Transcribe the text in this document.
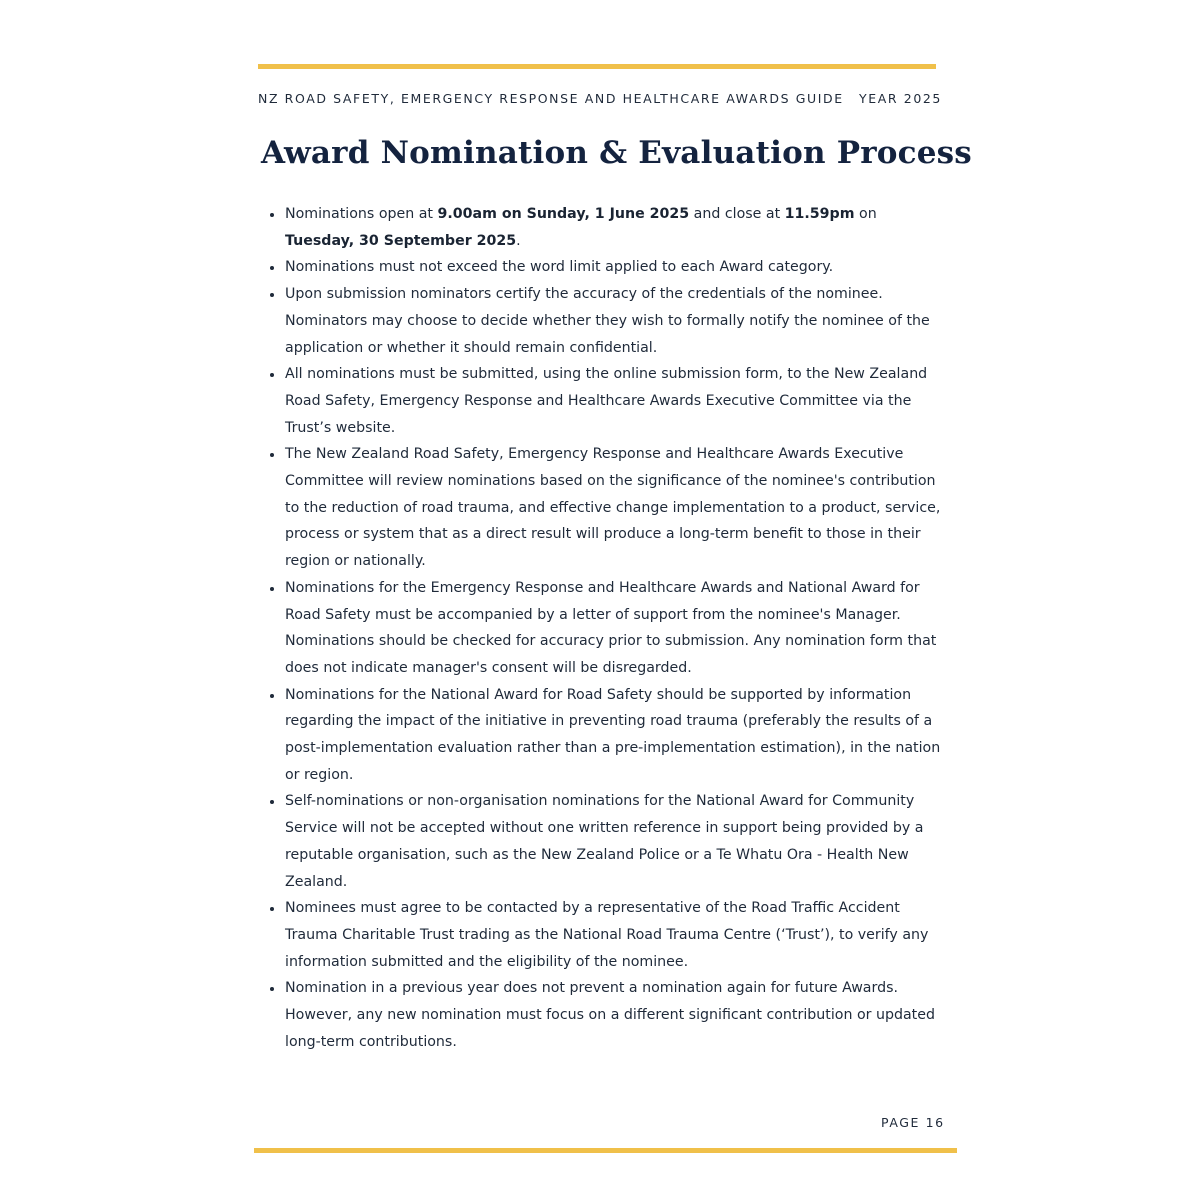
NZ ROAD SAFETY, EMERGENCY RESPONSE AND HEALTHCARE AWARDS GUIDE YEAR 2025
Award Nomination & Evaluation Process
Nominations open at 9.00am on Sunday, 1 June 2025 and close at 11.59pm on Tuesday, 30 September 2025.
Nominations must not exceed the word limit applied to each Award category.
Upon submission nominators certify the accuracy of the credentials of the nominee. Nominators may choose to decide whether they wish to formally notify the nominee of the application or whether it should remain confidential.
All nominations must be submitted, using the online submission form, to the New Zealand Road Safety, Emergency Response and Healthcare Awards Executive Committee via the Trust’s website.
The New Zealand Road Safety, Emergency Response and Healthcare Awards Executive Committee will review nominations based on the significance of the nominee's contribution to the reduction of road trauma, and effective change implementation to a product, service, process or system that as a direct result will produce a long-term benefit to those in their region or nationally.
Nominations for the Emergency Response and Healthcare Awards and National Award for Road Safety must be accompanied by a letter of support from the nominee's Manager. Nominations should be checked for accuracy prior to submission. Any nomination form that does not indicate manager's consent will be disregarded.
Nominations for the National Award for Road Safety should be supported by information regarding the impact of the initiative in preventing road trauma (preferably the results of a post-implementation evaluation rather than a pre-implementation estimation), in the nation or region.
Self-nominations or non-organisation nominations for the National Award for Community Service will not be accepted without one written reference in support being provided by a reputable organisation, such as the New Zealand Police or a Te Whatu Ora - Health New Zealand.
Nominees must agree to be contacted by a representative of the Road Traffic Accident Trauma Charitable Trust trading as the National Road Trauma Centre (‘Trust’), to verify any information submitted and the eligibility of the nominee.
Nomination in a previous year does not prevent a nomination again for future Awards. However, any new nomination must focus on a different significant contribution or updated long-term contributions.
PAGE 16
